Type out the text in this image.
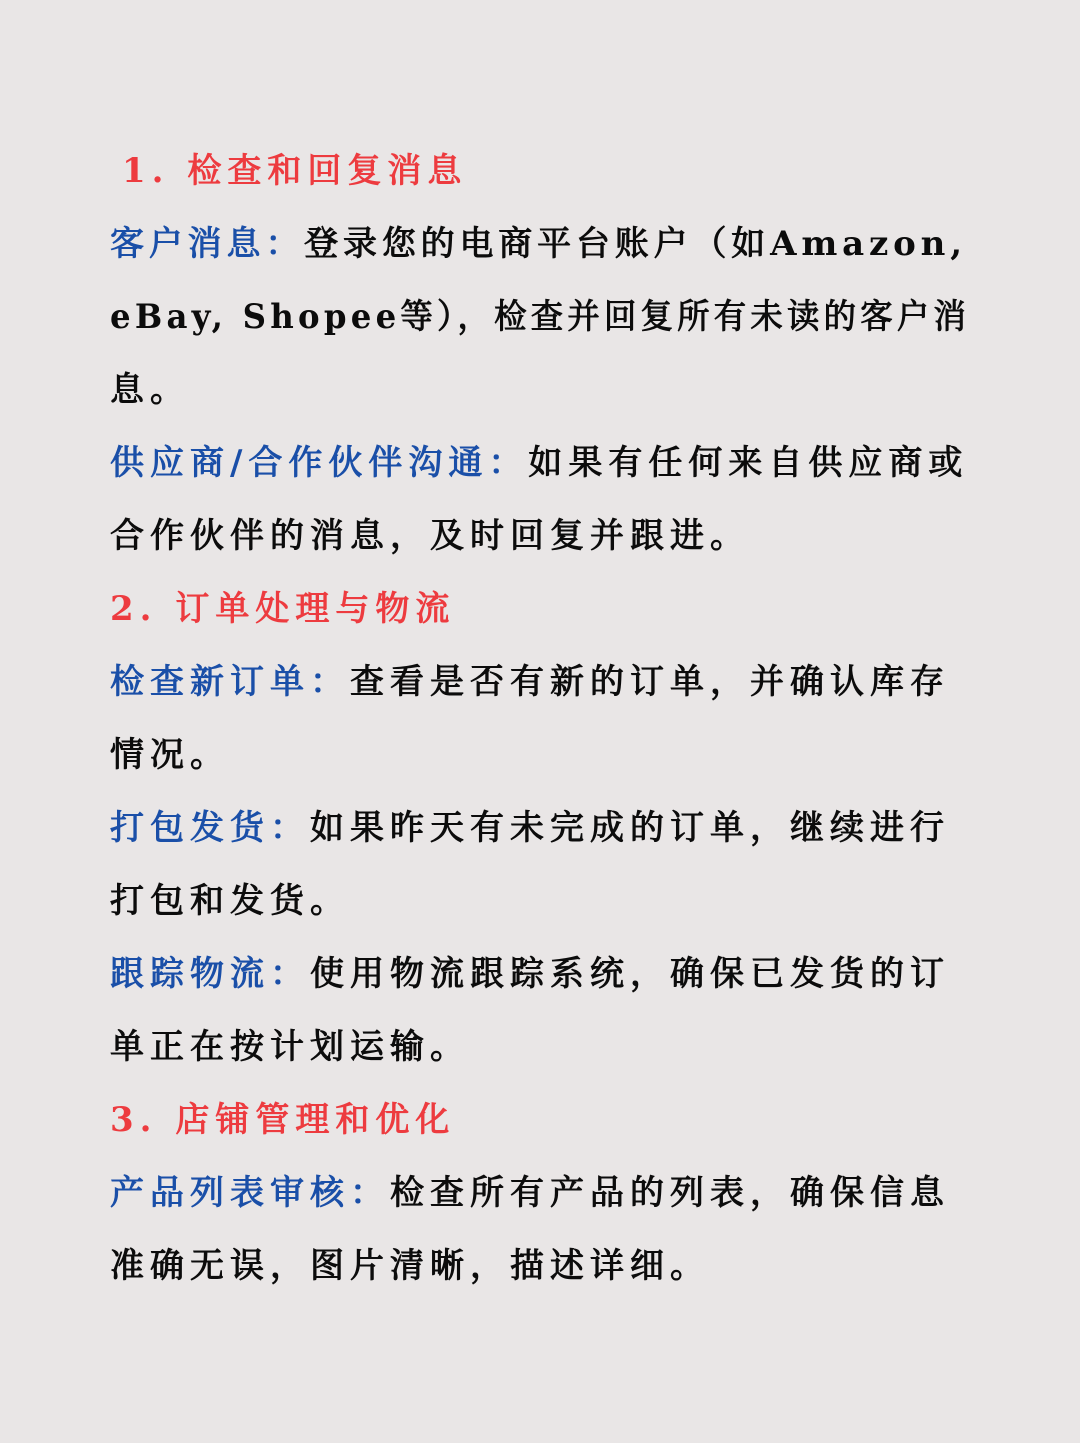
1. 检查和回复消息
客户消息：登录您的电商平台账户（如Amazon,
eBay, Shopee等），检查并回复所有未读的客户消
息。
供应商/合作伙伴沟通：如果有任何来自供应商或
合作伙伴的消息，及时回复并跟进。
2. 订单处理与物流
检查新订单：查看是否有新的订单，并确认库存
情况。
打包发货：如果昨天有未完成的订单，继续进行
打包和发货。
跟踪物流：使用物流跟踪系统，确保已发货的订
单正在按计划运输。
3. 店铺管理和优化
产品列表审核：检查所有产品的列表，确保信息
准确无误，图片清晰，描述详细。
